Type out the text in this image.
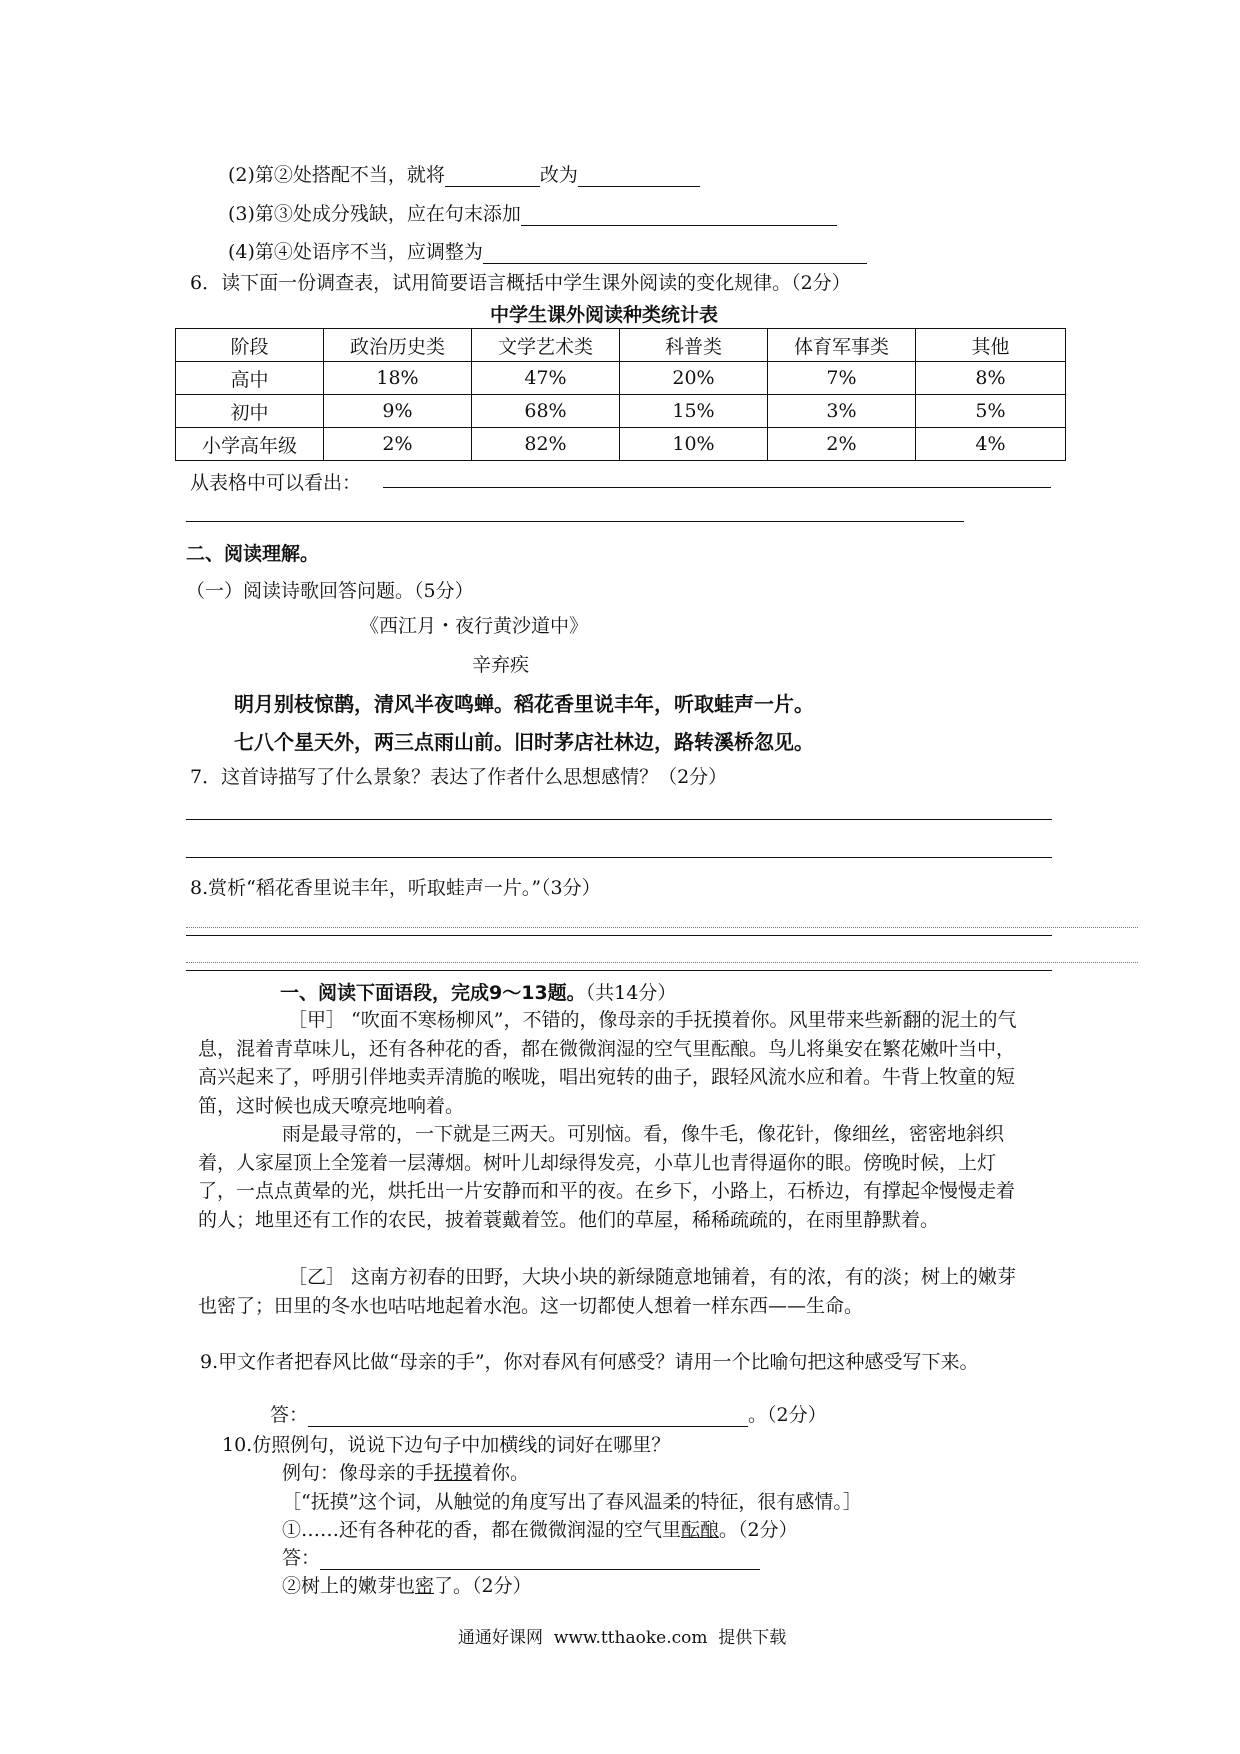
(2)第②处搭配不当，就将	改为
(3)第③处成分残缺，应在句末添加
(4)第④处语序不当，应调整为
6．读下面一份调查表，试用简要语言概括中学生课外阅读的变化规律。（2分）
中学生课外阅读种类统计表
阶段	政治历史类	文学艺术类	科普类	体育军事类	其他
高中	18%	47%	20%	7%	8%
初中	9%	68%	15%	3%	5%
小学高年级	2%	82%	10%	2%	4%
从表格中可以看出：
二、阅读理解。
（一）阅读诗歌回答问题。（5分）
《西江月・夜行黄沙道中》
辛弃疾
明月别枝惊鹊，清风半夜鸣蝉。稻花香里说丰年，听取蛙声一片。
七八个星天外，两三点雨山前。旧时茅店社林边，路转溪桥忽见。
7．这首诗描写了什么景象？表达了作者什么思想感情？（2分）
8.赏析“稻花香里说丰年，听取蛙声一片。”（3分）
一、阅读下面语段，完成9～13题。（共14分）
［甲］ “吹面不寒杨柳风”，不错的，像母亲的手抚摸着你。风里带来些新翻的泥土的气息，混着青草味儿，还有各种花的香，都在微微润湿的空气里酝酿。鸟儿将巢安在繁花嫩叶当中，高兴起来了，呼朋引伴地卖弄清脆的喉咙，唱出宛转的曲子，跟轻风流水应和着。牛背上牧童的短笛，这时候也成天嘹亮地响着。
雨是最寻常的，一下就是三两天。可别恼。看，像牛毛，像花针，像细丝，密密地斜织着，人家屋顶上全笼着一层薄烟。树叶儿却绿得发亮，小草儿也青得逼你的眼。傍晚时候，上灯了，一点点黄晕的光，烘托出一片安静而和平的夜。在乡下，小路上，石桥边，有撑起伞慢慢走着的人；地里还有工作的农民，披着蓑戴着笠。他们的草屋，稀稀疏疏的，在雨里静默着。
［乙］ 这南方初春的田野，大块小块的新绿随意地铺着，有的浓，有的淡；树上的嫩芽也密了；田里的冬水也咕咕地起着水泡。这一切都使人想着一样东西——生命。
9.甲文作者把春风比做“母亲的手”，你对春风有何感受？请用一个比喻句把这种感受写下来。
答：	。（2分）
10.仿照例句，说说下边句子中加横线的词好在哪里？
例句：像母亲的手抚摸着你。
［“抚摸”这个词，从触觉的角度写出了春风温柔的特征，很有感情。］
①……还有各种花的香，都在微微润湿的空气里酝酿。（2分）
答：
②树上的嫩芽也密了。（2分）
通通好课网  www.tthaoke.com  提供下载
